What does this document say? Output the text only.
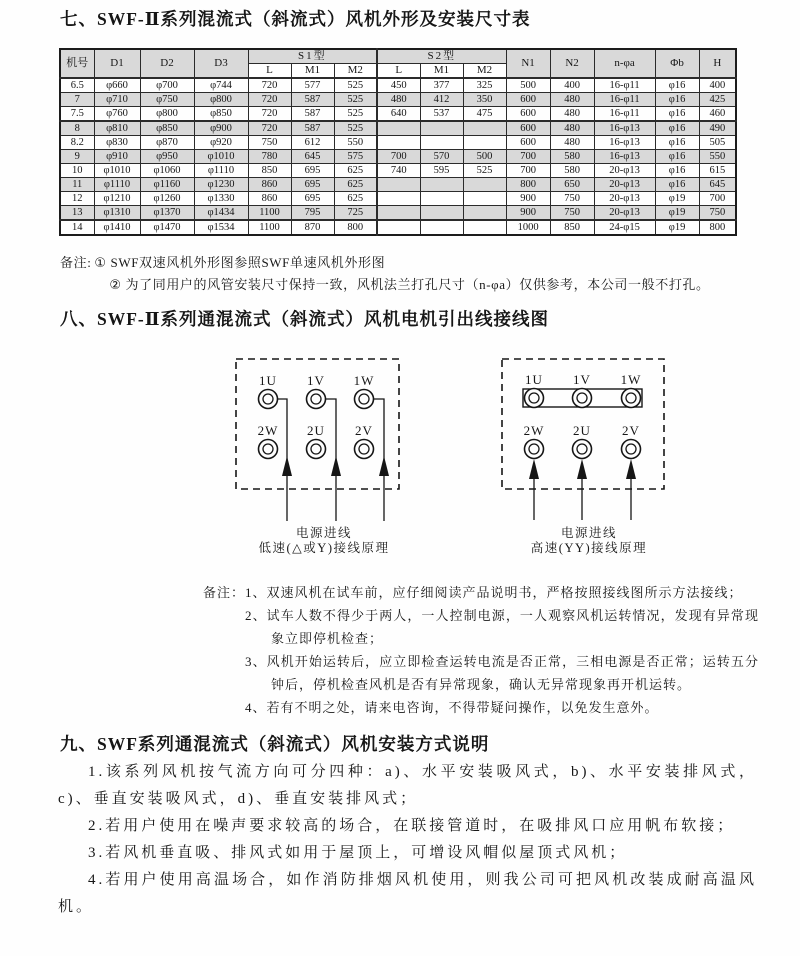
七、SWF-Ⅱ系列混流式（斜流式）风机外形及安装尺寸表
机号	D1	D2	D3	S1型			S2型			N1	N2	n-φa	Φb	H
				L	M1	M2	L	M1	M2					
6.5	φ660	φ700	φ744	720	577	525	450	377	325	500	400	16-φ11	φ16	400
7	φ710	φ750	φ800	720	587	525	480	412	350	600	480	16-φ11	φ16	425
7.5	φ760	φ800	φ850	720	587	525	640	537	475	600	480	16-φ11	φ16	460
8	φ810	φ850	φ900	720	587	525				600	480	16-φ13	φ16	490
8.2	φ830	φ870	φ920	750	612	550				600	480	16-φ13	φ16	505
9	φ910	φ950	φ1010	780	645	575	700	570	500	700	580	16-φ13	φ16	550
10	φ1010	φ1060	φ1110	850	695	625	740	595	525	700	580	20-φ13	φ16	615
11	φ1110	φ1160	φ1230	860	695	625				800	650	20-φ13	φ16	645
12	φ1210	φ1260	φ1330	860	695	625				900	750	20-φ13	φ19	700
13	φ1310	φ1370	φ1434	1100	795	725				900	750	20-φ13	φ19	750
14	φ1410	φ1470	φ1534	1100	870	800				1000	850	24-φ15	φ19	800
备注: ① SWF双速风机外形图参照SWF单速风机外形图
② 为了同用户的风管安装尺寸保持一致，风机法兰打孔尺寸（n-φa）仅供参考，本公司一般不打孔。
八、SWF-Ⅱ系列通混流式（斜流式）风机电机引出线接线图
1U 1V 1W
2W 2U 2V
电源进线
低速(△或Y)接线原理
1U 1V 1W
2W 2U 2V
电源进线
高速(YY)接线原理
备注： 1、双速风机在试车前，应仔细阅读产品说明书，严格按照接线图所示方法接线；
2、试车人数不得少于两人，一人控制电源，一人观察风机运转情况，发现有异常现象立即停机检查；
3、风机开始运转后，应立即检查运转电流是否正常，三相电源是否正常；运转五分钟后，停机检查风机是否有异常现象，确认无异常现象再开机运转。
4、若有不明之处，请来电咨询，不得带疑问操作，以免发生意外。
九、SWF系列通混流式（斜流式）风机安装方式说明

1.该系列风机按气流方向可分四种：a)、水平安装吸风式，b)、水平安装排风式，c)、垂直安装吸风式，d)、垂直安装排风式；

2.若用户使用在噪声要求较高的场合，在联接管道时，在吸排风口应用帆布软接；

3.若风机垂直吸、排风式如用于屋顶上，可增设风帽似屋顶式风机；

4.若用户使用高温场合，如作消防排烟风机使用，则我公司可把风机改装成耐高温风机。
